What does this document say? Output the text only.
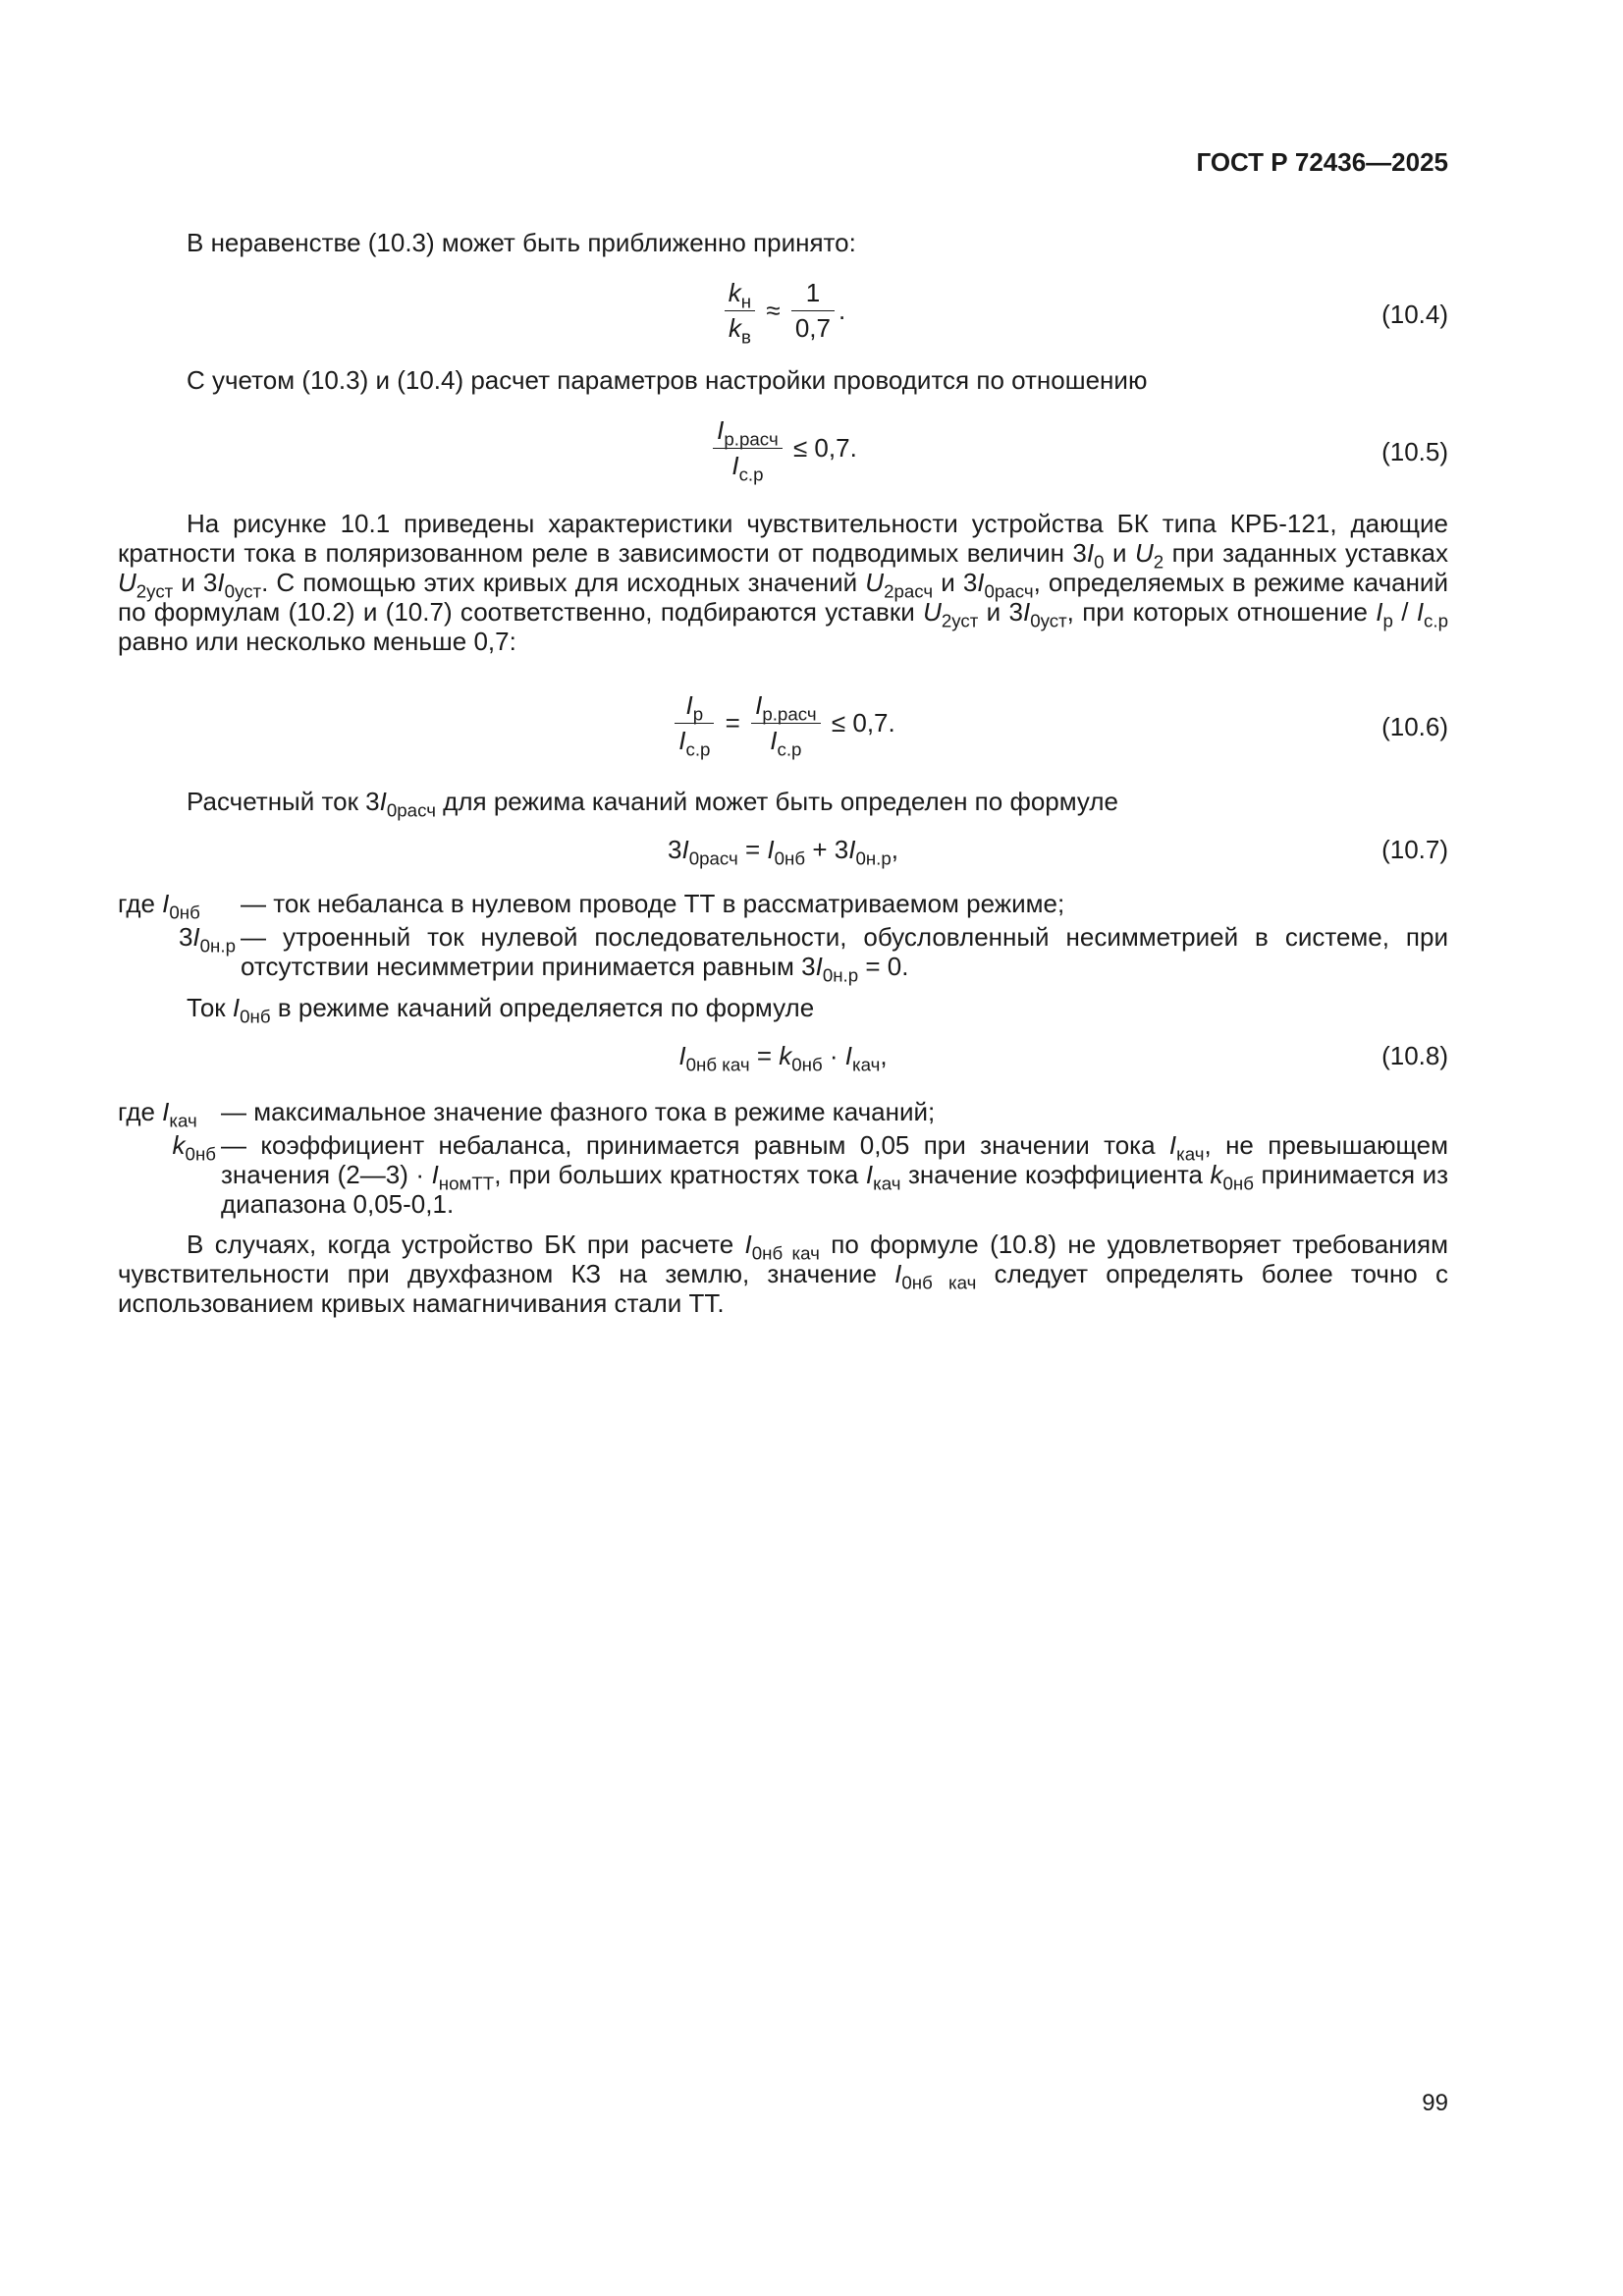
ГОСТ Р 72436—2025
В неравенстве (10.3) может быть приближенно принято:
$\frac{k_н}{k_в} \approx \frac{1}{0,7}$ .	(10.4)
С учетом (10.3) и (10.4) расчет параметров настройки проводится по отношению
$\frac{I_{р.расч}}{I_{с.р}} \le 0,7$.	(10.5)
На рисунке 10.1 приведены характеристики чувствительности устройства БК типа КРБ-121, дающие кратности тока в поляризованном реле в зависимости от подводимых величин $3I_0$ и $U_2$ при заданных уставках $U_{2уст}$ и $3I_{0уст}$. С помощью этих кривых для исходных значений $U_{2расч}$ и $3I_{0расч}$, определяемых в режиме качаний по формулам (10.2) и (10.7) соответственно, подбираются уставки $U_{2уст}$ и $3I_{0уст}$, при которых отношение $I_р / I_{с.р}$ равно или несколько меньше 0,7:
$\frac{I_р}{I_{с.р}} = \frac{I_{р.расч}}{I_{с.р}} \le 0,7$.	(10.6)
Расчетный ток $3I_{0расч}$ для режима качаний может быть определен по формуле
$3I_{0расч} = I_{0нб} + 3I_{0н.р}$,	(10.7)
где $I_{0нб}$	— ток небаланса в нулевом проводе ТТ в рассматриваемом режиме;
$3I_{0н.р}$ — утроенный ток нулевой последовательности, обусловленный несимметрией в системе, при отсутствии несимметрии принимается равным $3I_{0н.р} = 0$.
Ток $I_{0нб}$ в режиме качаний определяется по формуле
$I_{0нб кач} = k_{0нб} \cdot I_{кач}$,	(10.8)
где $I_{кач}$ — максимальное значение фазного тока в режиме качаний;
$k_{0нб}$ — коэффициент небаланса, принимается равным 0,05 при значении тока $I_{кач}$, не превышающем значения (2—3) · $I_{номТТ}$, при больших кратностях тока $I_{кач}$ значение коэффициента $k_{0нб}$ принимается из диапазона 0,05-0,1.
В случаях, когда устройство БК при расчете $I_{0нб кач}$ по формуле (10.8) не удовлетворяет требованиям чувствительности при двухфазном КЗ на землю, значение $I_{0нб кач}$ следует определять более точно с использованием кривых намагничивания стали ТТ.
99
